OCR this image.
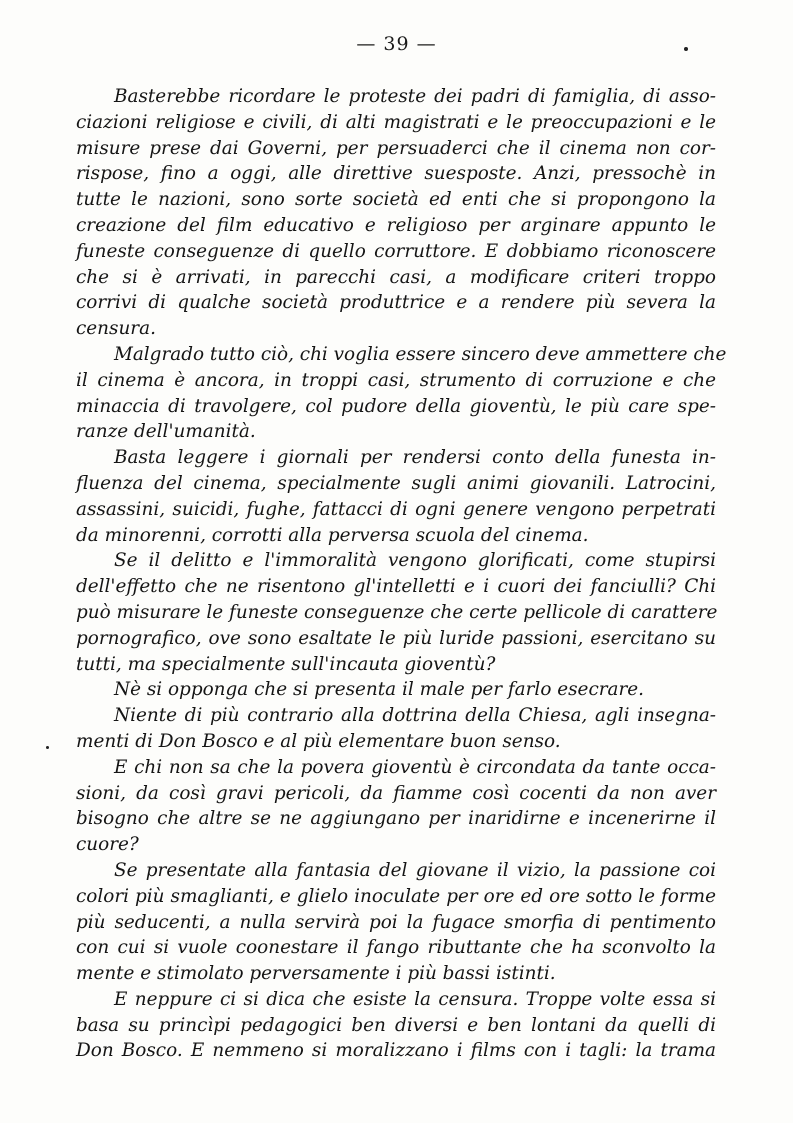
— 39 —

Basterebbe ricordare le proteste dei padri di famiglia, di asso-
ciazioni religiose e civili, di alti magistrati e le preoccupazioni e le
misure prese dai Governi, per persuaderci che il cinema non cor-
rispose, fino a oggi, alle direttive suesposte. Anzi, pressochè in
tutte le nazioni, sono sorte società ed enti che si propongono la
creazione del film educativo e religioso per arginare appunto le
funeste conseguenze di quello corruttore. E dobbiamo riconoscere
che si è arrivati, in parecchi casi, a modificare criteri troppo
corrivi di qualche società produttrice e a rendere più severa la
censura.

Malgrado tutto ciò, chi voglia essere sincero deve ammettere che
il cinema è ancora, in troppi casi, strumento di corruzione e che
minaccia di travolgere, col pudore della gioventù, le più care spe-
ranze dell'umanità.

Basta leggere i giornali per rendersi conto della funesta in-
fluenza del cinema, specialmente sugli animi giovanili. Latrocini,
assassini, suicidi, fughe, fattacci di ogni genere vengono perpetrati
da minorenni, corrotti alla perversa scuola del cinema.

Se il delitto e l'immoralità vengono glorificati, come stupirsi
dell'effetto che ne risentono gl'intelletti e i cuori dei fanciulli? Chi
può misurare le funeste conseguenze che certe pellicole di carattere
pornografico, ove sono esaltate le più luride passioni, esercitano su
tutti, ma specialmente sull'incauta gioventù?

Nè si opponga che si presenta il male per farlo esecrare.

Niente di più contrario alla dottrina della Chiesa, agli insegna-
menti di Don Bosco e al più elementare buon senso.

E chi non sa che la povera gioventù è circondata da tante occa-
sioni, da così gravi pericoli, da fiamme così cocenti da non aver
bisogno che altre se ne aggiungano per inaridirne e incenerirne il
cuore?

Se presentate alla fantasia del giovane il vizio, la passione coi
colori più smaglianti, e glielo inoculate per ore ed ore sotto le forme
più seducenti, a nulla servirà poi la fugace smorfia di pentimento
con cui si vuole coonestare il fango ributtante che ha sconvolto la
mente e stimolato perversamente i più bassi istinti.

E neppure ci si dica che esiste la censura. Troppe volte essa si
basa su princìpi pedagogici ben diversi e ben lontani da quelli di
Don Bosco. E nemmeno si moralizzano i films con i tagli: la trama
